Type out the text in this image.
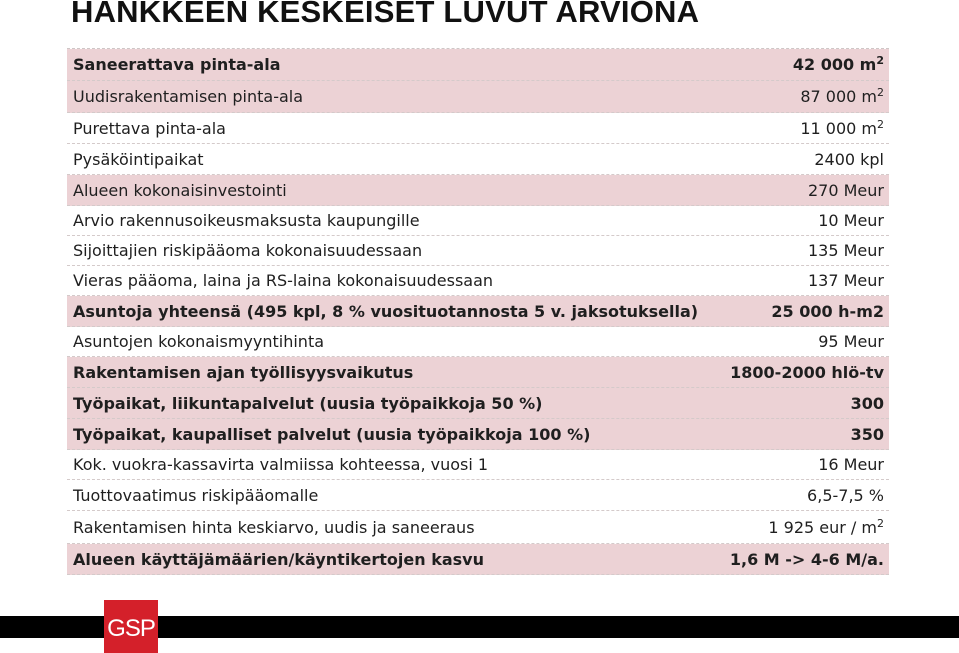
HANKKEEN KESKEISET LUVUT ARVIONA
Saneerattava pinta-ala	42 000 $m^2$
Uudisrakentamisen pinta-ala	87 000 $m^2$
Purettava pinta-ala	11 000 $m^2$
Pysäköintipaikat	2400 kpl
Alueen kokonaisinvestointi	270 Meur
Arvio rakennusoikeusmaksusta kaupungille	10 Meur
Sijoittajien riskipääoma kokonaisuudessaan	135 Meur
Vieras pääoma, laina ja RS-laina kokonaisuudessaan	137 Meur
Asuntoja yhteensä (495 kpl, 8 % vuosituotannosta 5 v. jaksotuksella)	25 000 h-m2
Asuntojen kokonaismyyntihinta	95 Meur
Rakentamisen ajan työllisyysvaikutus	1800-2000 hlö-tv
Työpaikat, liikuntapalvelut (uusia työpaikkoja 50 %)	300
Työpaikat, kaupalliset palvelut (uusia työpaikkoja 100 %)	350
Kok. vuokra-kassavirta valmiissa kohteessa, vuosi 1	16 Meur
Tuottovaatimus riskipääomalle	6,5-7,5 %
Rakentamisen hinta keskiarvo, uudis ja saneeraus	1 925 eur / $m^2$
Alueen käyttäjämäärien/käyntikertojen kasvu	1,6 M -> 4-6 M/a.
GSP
